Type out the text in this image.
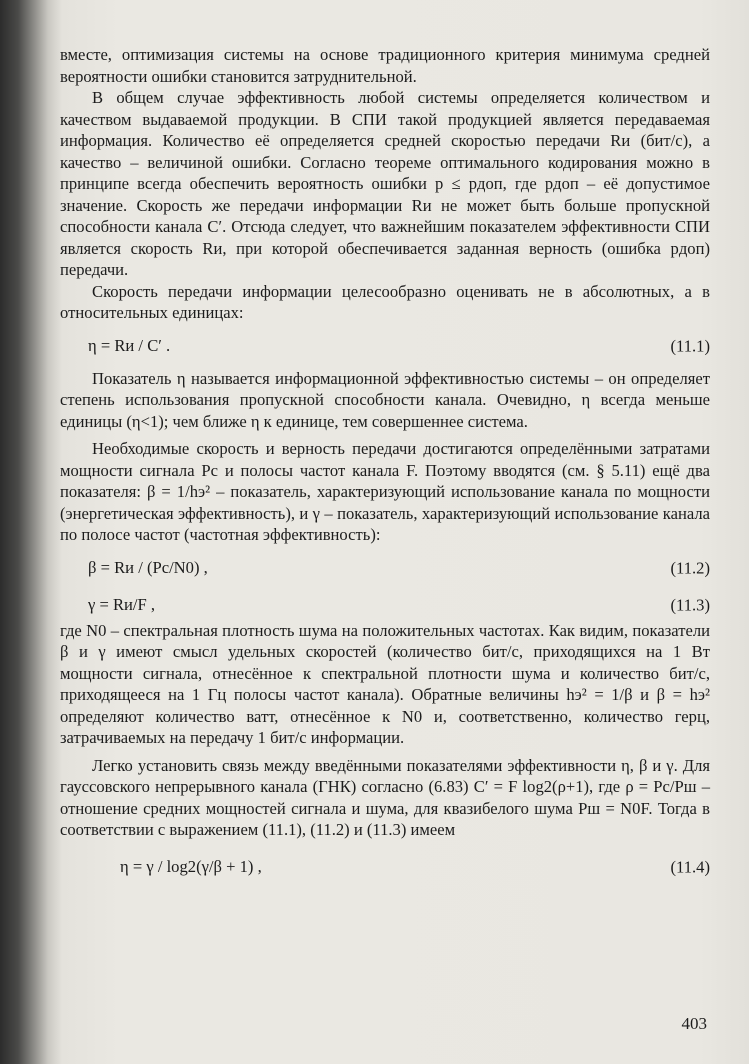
вместе, оптимизация системы на основе традиционного критерия минимума средней вероятности ошибки становится затруднительной.

В общем случае эффективность любой системы определяется количеством и качеством выдаваемой продукции. В СПИ такой продукцией является передаваемая информация. Количество её определяется средней скоростью передачи Rи (бит/с), а качество – величиной ошибки. Согласно теореме оптимального кодирования можно в принципе всегда обеспечить вероятность ошибки p ≤ pдоп, где pдоп – её допустимое значение. Скорость же передачи информации Rи не может быть больше пропускной способности канала C′. Отсюда следует, что важнейшим показателем эффективности СПИ является скорость Rи, при которой обеспечивается заданная верность (ошибка pдоп) передачи.

Скорость передачи информации целесообразно оценивать не в абсолютных, а в относительных единицах:

η = Rи / C′ .	(11.1)

Показатель η называется информационной эффективностью системы – он определяет степень использования пропускной способности канала. Очевидно, η всегда меньше единицы (η<1); чем ближе η к единице, тем совершеннее система.

Необходимые скорость и верность передачи достигаются определёнными затратами мощности сигнала Pс и полосы частот канала F. Поэтому вводятся (см. § 5.11) ещё два показателя: β = 1/hэ² – показатель, характеризующий использование канала по мощности (энергетическая эффективность), и γ – показатель, характеризующий использование канала по полосе частот (частотная эффективность):

β = Rи / (Pс/N0) ,	(11.2)
γ = Rи/F ,	(11.3)

где N0 – спектральная плотность шума на положительных частотах. Как видим, показатели β и γ имеют смысл удельных скоростей (количество бит/с, приходящихся на 1 Вт мощности сигнала, отнесённое к спектральной плотности шума и количество бит/с, приходящееся на 1 Гц полосы частот канала). Обратные величины hэ² = 1/β и β = hэ² определяют количество ватт, отнесённое к N0 и, соответственно, количество герц, затрачиваемых на передачу 1 бит/с информации.

Легко установить связь между введёнными показателями эффективности η, β и γ. Для гауссовского непрерывного канала (ГНК) согласно (6.83) C′ = F log2(ρ+1), где ρ = Pс/Pш – отношение средних мощностей сигнала и шума, для квазибелого шума Pш = N0F. Тогда в соответствии с выражением (11.1), (11.2) и (11.3) имеем

η = γ / log2(γ/β + 1) ,	(11.4)
403
